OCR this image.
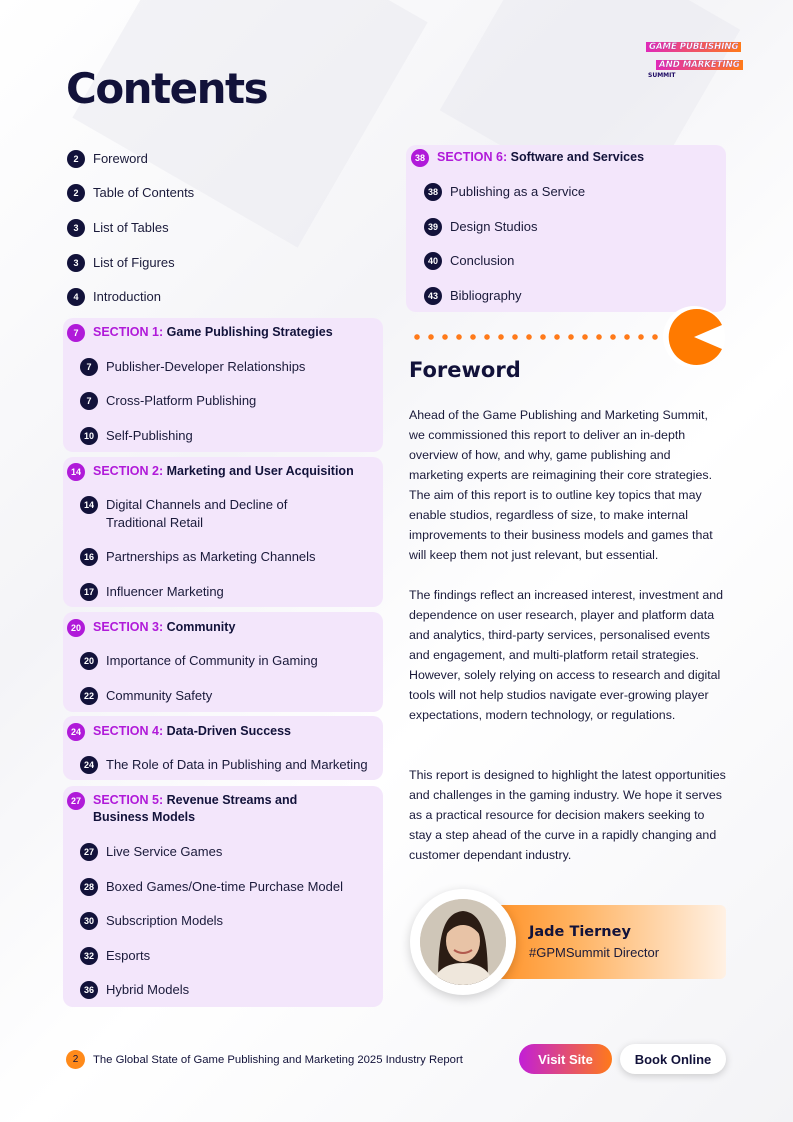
GAME PUBLISHING
AND MARKETING
SUMMIT
Contents
2	Foreword
2	Table of Contents
3	List of Tables
3	List of Figures
4	Introduction
7	SECTION 1: Game Publishing Strategies
7	Publisher-Developer Relationships
7	Cross-Platform Publishing
10 Self-Publishing
14 SECTION 2: Marketing and User Acquisition
14 Digital Channels and Decline of Traditional Retail
16 Partnerships as Marketing Channels
17 Influencer Marketing
20 SECTION 3: Community
20 Importance of Community in Gaming
22 Community Safety
24 SECTION 4: Data-Driven Success
24 The Role of Data in Publishing and Marketing
27 SECTION 5: Revenue Streams and Business Models
27 Live Service Games
28 Boxed Games/One-time Purchase Model
30 Subscription Models
32 Esports
36 Hybrid Models
38 SECTION 6: Software and Services
38 Publishing as a Service
39 Design Studios
40 Conclusion
43 Bibliography
Foreword

Ahead of the Game Publishing and Marketing Summit, we commissioned this report to deliver an in-depth overview of how, and why, game publishing and marketing experts are reimagining their core strategies. The aim of this report is to outline key topics that may enable studios, regardless of size, to make internal improvements to their business models and games that will keep them not just relevant, but essential.

The findings reflect an increased interest, investment and dependence on user research, player and platform data and analytics, third-party services, personalised events and engagement, and multi-platform retail strategies. However, solely relying on access to research and digital tools will not help studios navigate ever-growing player expectations, modern technology, or regulations.

This report is designed to highlight the latest opportunities and challenges in the gaming industry. We hope it serves as a practical resource for decision makers seeking to stay a step ahead of the curve in a rapidly changing and customer dependant industry.

Jade Tierney
#GPMSummit Director
2	The Global State of Game Publishing and Marketing 2025 Industry Report	Visit Site	Book Online
